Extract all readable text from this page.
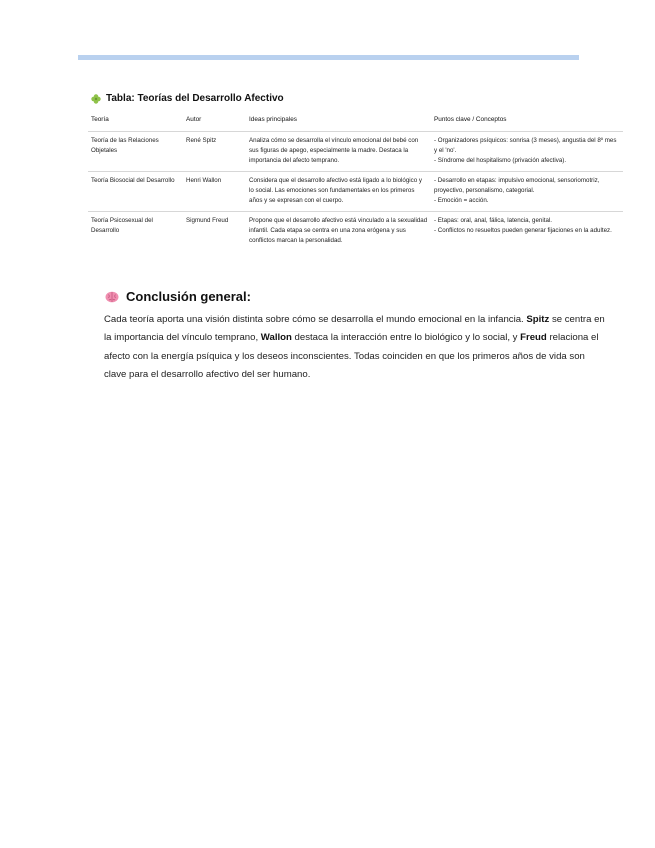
Tabla: Teorías del Desarrollo Afectivo
Teoría	Autor	Ideas principales	Puntos clave / Conceptos
Teoría de las Relaciones Objetales	René Spitz	Analiza cómo se desarrolla el vínculo emocional del bebé con sus figuras de apego, especialmente la madre. Destaca la importancia del afecto temprano.	- Organizadores psíquicos: sonrisa (3 meses), angustia del 8º mes y el 'no'.
- Síndrome del hospitalismo (privación afectiva).

Teoría Biosocial del Desarrollo	Henri Wallon	Considera que el desarrollo afectivo está ligado a lo biológico y lo social. Las emociones son fundamentales en los primeros años y se expresan con el cuerpo.	- Desarrollo en etapas: impulsivo emocional, sensoriomotriz, proyectivo, personalismo, categorial.
- Emoción = acción.

Teoría Psicosexual del Desarrollo	Sigmund Freud	Propone que el desarrollo afectivo está vinculado a la sexualidad infantil. Cada etapa se centra en una zona erógena y sus conflictos marcan la personalidad.	- Etapas: oral, anal, fálica, latencia, genital.
- Conflictos no resueltos pueden generar fijaciones en la adultez.
Conclusión general:

Cada teoría aporta una visión distinta sobre cómo se desarrolla el mundo emocional en la infancia. Spitz se centra en la importancia del vínculo temprano, Wallon destaca la interacción entre lo biológico y lo social, y Freud relaciona el afecto con la energía psíquica y los deseos inconscientes. Todas coinciden en que los primeros años de vida son clave para el desarrollo afectivo del ser humano.
